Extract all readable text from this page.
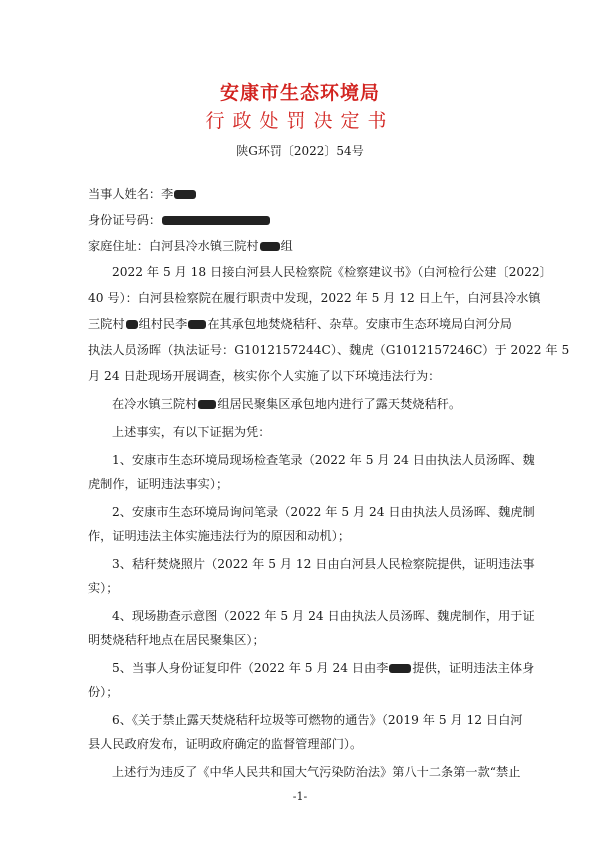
安康市生态环境局
行政处罚决定书
陕G环罚〔2022〕54号
当事人姓名：李
身份证号码：
家庭住址：白河县冷水镇三院村 组
2022 年 5 月 18 日接白河县人民检察院《检察建议书》（白河检行公建〔2022〕
40 号）：白河县检察院在履行职责中发现，2022 年 5 月 12 日上午，白河县冷水镇
三院村 组村民李 在其承包地焚烧秸秆、杂草。安康市生态环境局白河分局
执法人员汤晖（执法证号：G1012157244C）、魏虎（G1012157246C）于 2022 年 5
月 24 日赴现场开展调查，核实你个人实施了以下环境违法行为：
在冷水镇三院村 组居民聚集区承包地内进行了露天焚烧秸秆。
上述事实，有以下证据为凭：
1、安康市生态环境局现场检查笔录（2022 年 5 月 24 日由执法人员汤晖、魏
虎制作，证明违法事实）；
2、安康市生态环境局询问笔录（2022 年 5 月 24 日由执法人员汤晖、魏虎制
作，证明违法主体实施违法行为的原因和动机）；
3、秸秆焚烧照片（2022 年 5 月 12 日由白河县人民检察院提供，证明违法事
实）；
4、现场勘查示意图（2022 年 5 月 24 日由执法人员汤晖、魏虎制作，用于证
明焚烧秸秆地点在居民聚集区）；
5、当事人身份证复印件（2022 年 5 月 24 日由李 提供，证明违法主体身
份）；
6、《关于禁止露天焚烧秸秆垃圾等可燃物的通告》（2019 年 5 月 12 日白河
县人民政府发布，证明政府确定的监督管理部门）。
上述行为违反了《中华人民共和国大气污染防治法》第八十二条第一款“禁止
-1-
